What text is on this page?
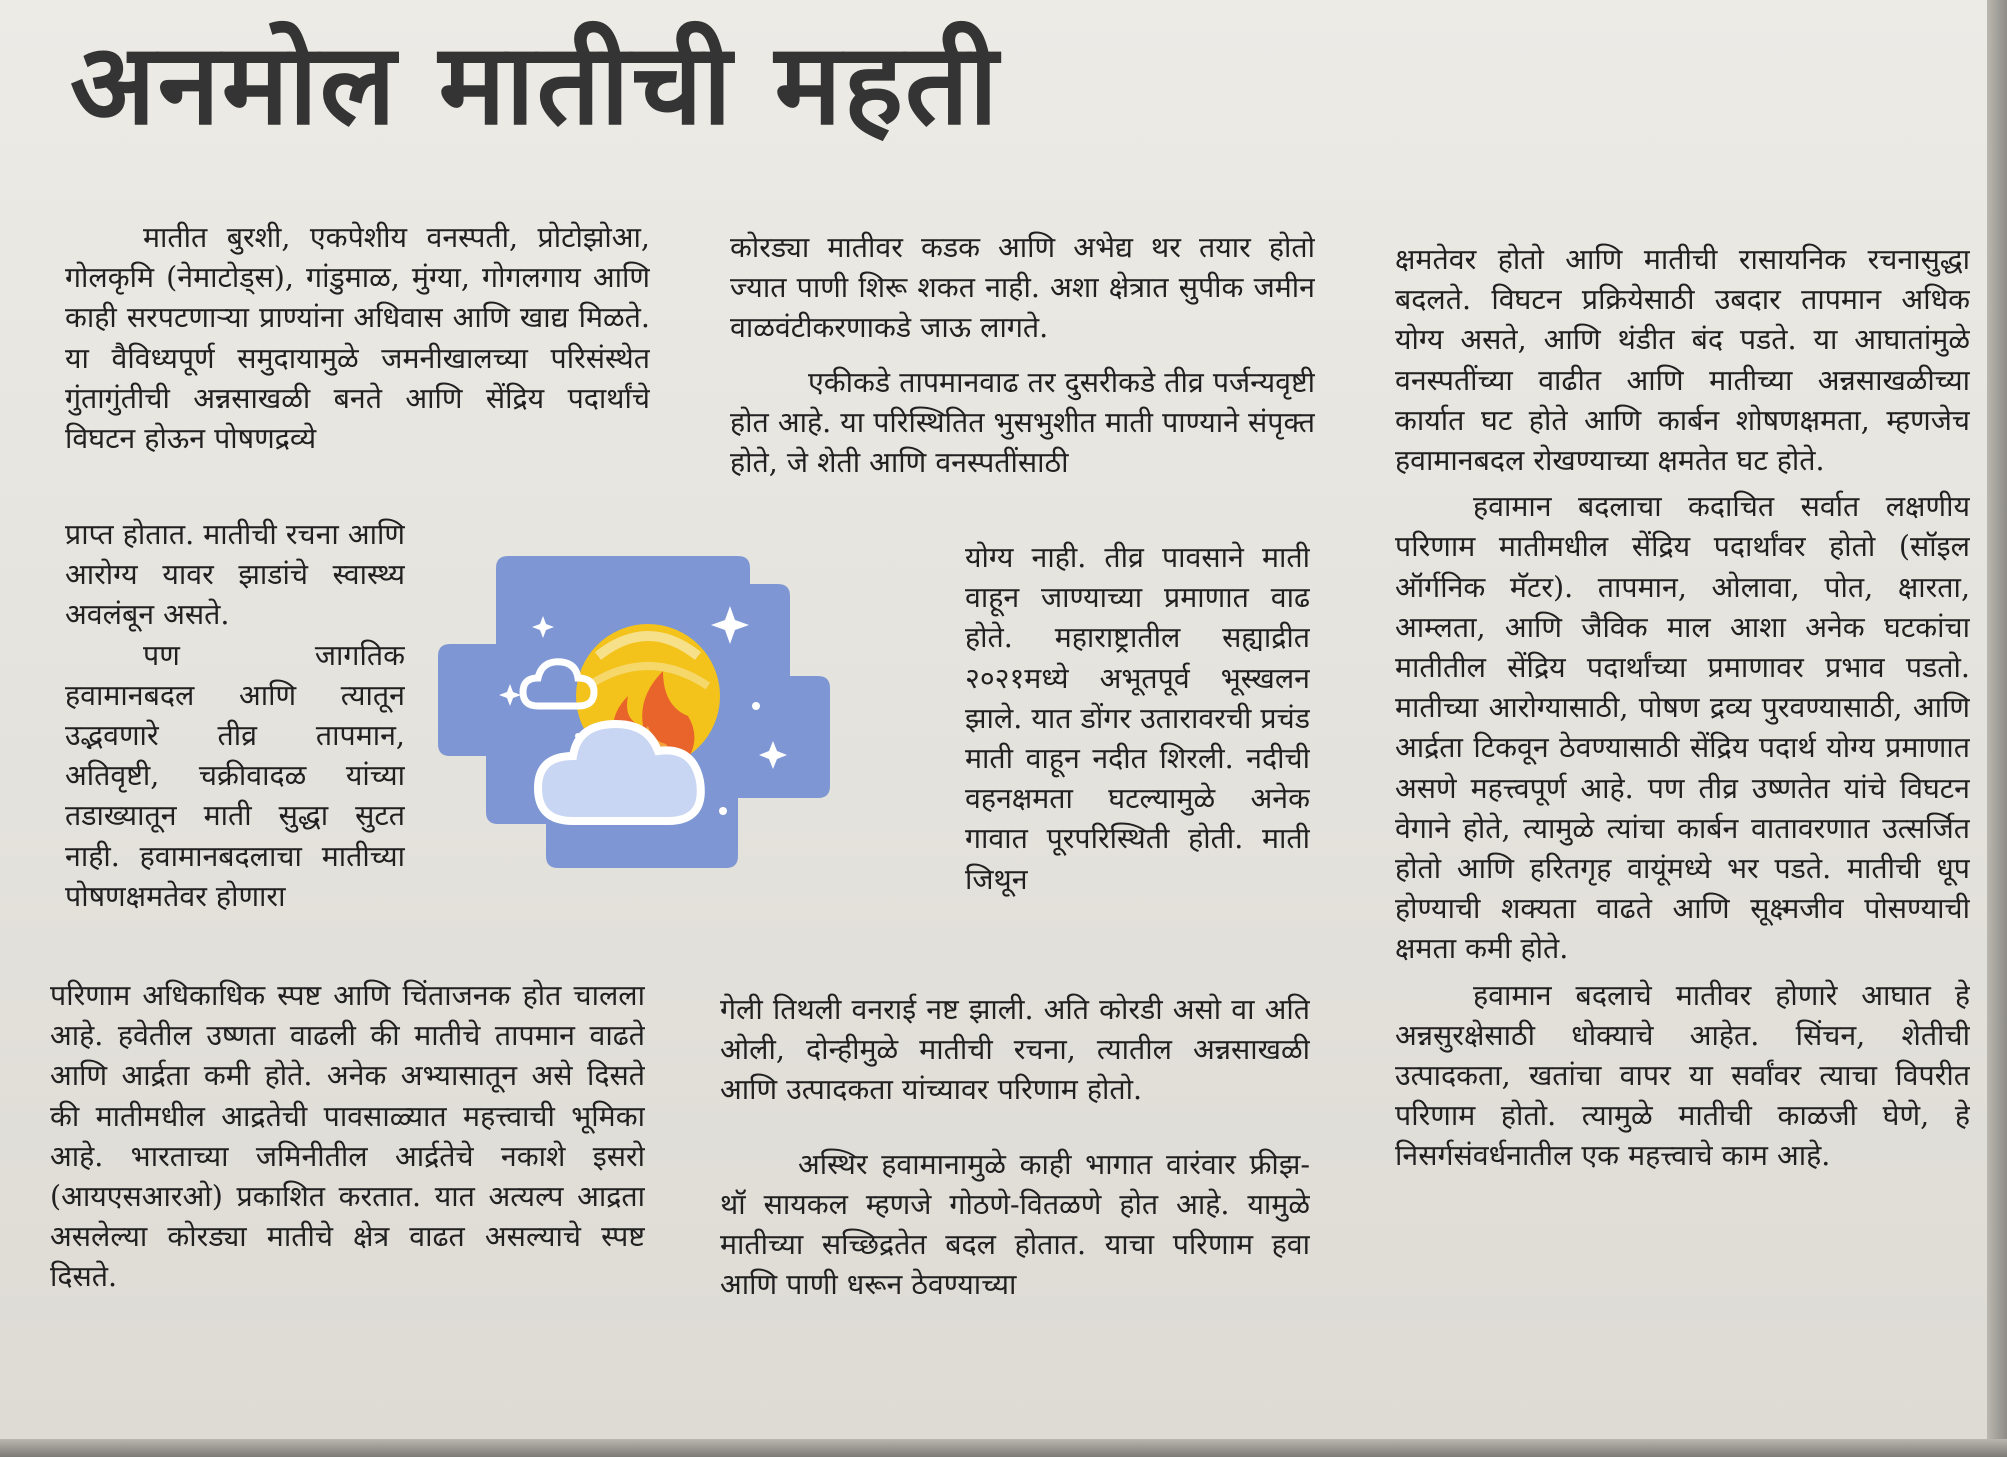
अनमोल मातीची महती

मातीत बुरशी, एकपेशीय वनस्पती, प्रोटोझोआ, गोलकृमि (नेमाटोड्स), गांडुमाळ, मुंग्या, गोगलगाय आणि काही सरपटणाऱ्या प्राण्यांना अधिवास आणि खाद्य मिळते. या वैविध्यपूर्ण समुदायामुळे जमनीखालच्या परिसंस्थेत गुंतागुंतीची अन्नसाखळी बनते आणि सेंद्रिय पदार्थांचे विघटन होऊन पोषणद्रव्ये

प्राप्त होतात. मातीची रचना आणि आरोग्य यावर झाडांचे स्वास्थ्य अवलंबून असते.

पण जागतिक हवामानबदल आणि त्यातून उद्भवणारे तीव्र तापमान, अतिवृष्टी, चक्रीवादळ यांच्या तडाख्यातून माती सुद्धा सुटत नाही. हवामानबदलाचा मातीच्या पोषणक्षमतेवर होणारा

परिणाम अधिकाधिक स्पष्ट आणि चिंताजनक होत चालला आहे. हवेतील उष्णता वाढली की मातीचे तापमान वाढते आणि आर्द्रता कमी होते. अनेक अभ्यासातून असे दिसते की मातीमधील आद्रतेची पावसाळ्यात महत्त्वाची भूमिका आहे. भारताच्या जमिनीतील आर्द्रतेचे नकाशे इसरो (आयएसआरओ) प्रकाशित करतात. यात अत्यल्प आद्रता असलेल्या कोरड्या मातीचे क्षेत्र वाढत असल्याचे स्पष्ट दिसते.

कोरड्या मातीवर कडक आणि अभेद्य थर तयार होतो ज्यात पाणी शिरू शकत नाही. अशा क्षेत्रात सुपीक जमीन वाळवंटीकरणाकडे जाऊ लागते.

एकीकडे तापमानवाढ तर दुसरीकडे तीव्र पर्जन्यवृष्टी होत आहे. या परिस्थितित भुसभुशीत माती पाण्याने संपृक्त होते, जे शेती आणि वनस्पतींसाठी

योग्य नाही. तीव्र पावसाने माती वाहून जाण्याच्या प्रमाणात वाढ होते. महाराष्ट्रातील सह्याद्रीत २०२१मध्ये अभूतपूर्व भूस्खलन झाले. यात डोंगर उतारावरची प्रचंड माती वाहून नदीत शिरली. नदीची वहनक्षमता घटल्यामुळे अनेक गावात पूरपरिस्थिती होती. माती जिथून

गेली तिथली वनराई नष्ट झाली. अति कोरडी असो वा अति ओली, दोन्हीमुळे मातीची रचना, त्यातील अन्नसाखळी आणि उत्पादकता यांच्यावर परिणाम होतो.

अस्थिर हवामानामुळे काही भागात वारंवार फ्रीझ-थॉ सायकल म्हणजे गोठणे-वितळणे होत आहे. यामुळे मातीच्या सच्छिद्रतेत बदल होतात. याचा परिणाम हवा आणि पाणी धरून ठेवण्याच्या

क्षमतेवर होतो आणि मातीची रासायनिक रचनासुद्धा बदलते. विघटन प्रक्रियेसाठी उबदार तापमान अधिक योग्य असते, आणि थंडीत बंद पडते. या आघातांमुळे वनस्पतींच्या वाढीत आणि मातीच्या अन्नसाखळीच्या कार्यात घट होते आणि कार्बन शोषणक्षमता, म्हणजेच हवामानबदल रोखण्याच्या क्षमतेत घट होते.

हवामान बदलाचा कदाचित सर्वात लक्षणीय परिणाम मातीमधील सेंद्रिय पदार्थांवर होतो (सॉइल ऑर्गनिक मॅटर). तापमान, ओलावा, पोत, क्षारता, आम्लता, आणि जैविक माल आशा अनेक घटकांचा मातीतील सेंद्रिय पदार्थांच्या प्रमाणावर प्रभाव पडतो. मातीच्या आरोग्यासाठी, पोषण द्रव्य पुरवण्यासाठी, आणि आर्द्रता टिकवून ठेवण्यासाठी सेंद्रिय पदार्थ योग्य प्रमाणात असणे महत्त्वपूर्ण आहे. पण तीव्र उष्णतेत यांचे विघटन वेगाने होते, त्यामुळे त्यांचा कार्बन वातावरणात उत्सर्जित होतो आणि हरितगृह वायूंमध्ये भर पडते. मातीची धूप होण्याची शक्यता वाढते आणि सूक्ष्मजीव पोसण्याची क्षमता कमी होते.

हवामान बदलाचे मातीवर होणारे आघात हे अन्नसुरक्षेसाठी धोक्याचे आहेत. सिंचन, शेतीची उत्पादकता, खतांचा वापर या सर्वांवर त्याचा विपरीत परिणाम होतो. त्यामुळे मातीची काळजी घेणे, हे निसर्गसंवर्धनातील एक महत्त्वाचे काम आहे.
